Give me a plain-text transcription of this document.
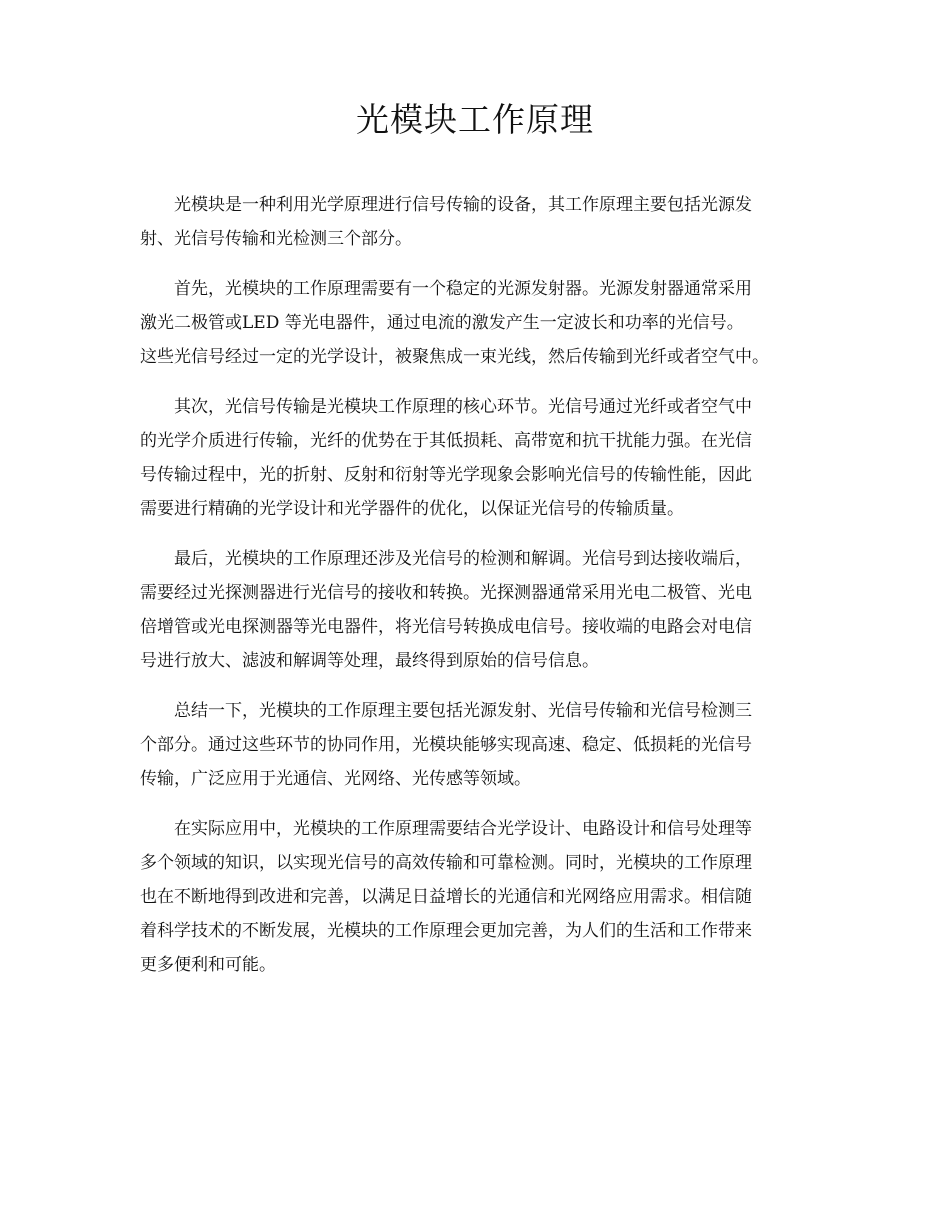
光模块工作原理

光模块是一种利用光学原理进行信号传输的设备，其工作原理主要包括光源发
射、光信号传输和光检测三个部分。

首先，光模块的工作原理需要有一个稳定的光源发射器。光源发射器通常采用
激光二极管或LED 等光电器件，通过电流的激发产生一定波长和功率的光信号。
这些光信号经过一定的光学设计，被聚焦成一束光线，然后传输到光纤或者空气中。

其次，光信号传输是光模块工作原理的核心环节。光信号通过光纤或者空气中
的光学介质进行传输，光纤的优势在于其低损耗、高带宽和抗干扰能力强。在光信
号传输过程中，光的折射、反射和衍射等光学现象会影响光信号的传输性能，因此
需要进行精确的光学设计和光学器件的优化，以保证光信号的传输质量。

最后，光模块的工作原理还涉及光信号的检测和解调。光信号到达接收端后，
需要经过光探测器进行光信号的接收和转换。光探测器通常采用光电二极管、光电
倍增管或光电探测器等光电器件，将光信号转换成电信号。接收端的电路会对电信
号进行放大、滤波和解调等处理，最终得到原始的信号信息。

总结一下，光模块的工作原理主要包括光源发射、光信号传输和光信号检测三
个部分。通过这些环节的协同作用，光模块能够实现高速、稳定、低损耗的光信号
传输，广泛应用于光通信、光网络、光传感等领域。

在实际应用中，光模块的工作原理需要结合光学设计、电路设计和信号处理等
多个领域的知识，以实现光信号的高效传输和可靠检测。同时，光模块的工作原理
也在不断地得到改进和完善，以满足日益增长的光通信和光网络应用需求。相信随
着科学技术的不断发展，光模块的工作原理会更加完善，为人们的生活和工作带来
更多便利和可能。
